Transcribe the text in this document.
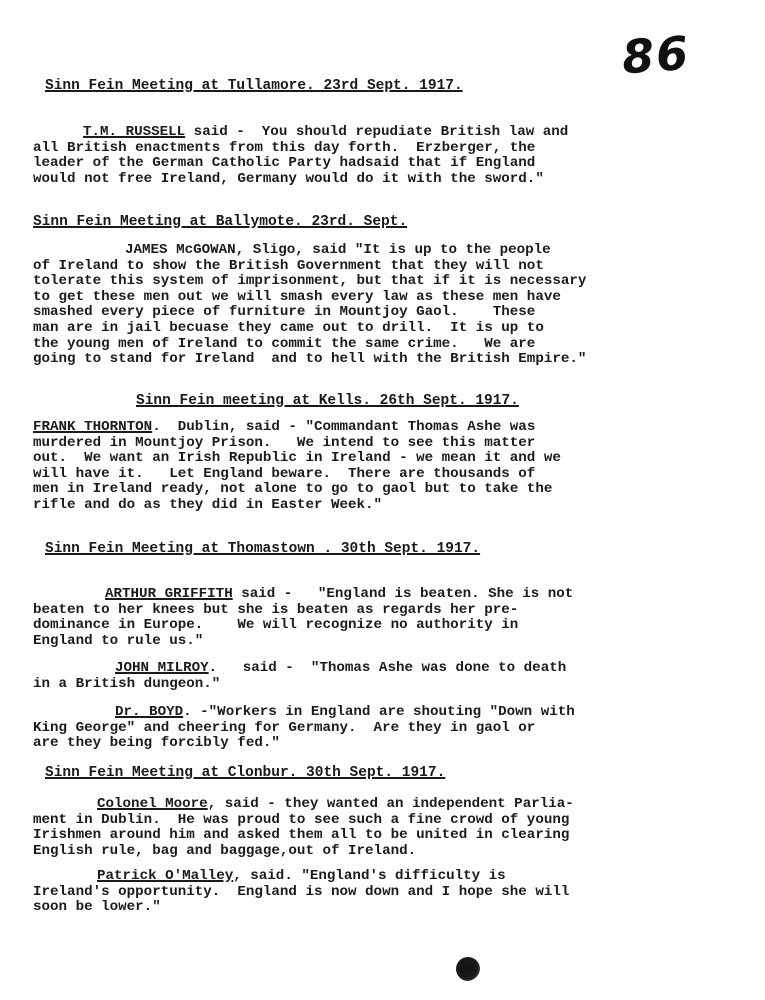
86
Sinn Fein Meeting at Tullamore. 23rd Sept. 1917.
T.M. RUSSELL said -  You should repudiate British law and
all British enactments from this day forth.  Erzberger, the
leader of the German Catholic Party hadsaid that if England
would not free Ireland, Germany would do it with the sword."
Sinn Fein Meeting at Ballymote. 23rd. Sept.
JAMES McGOWAN, Sligo, said "It is up to the people
of Ireland to show the British Government that they will not
tolerate this system of imprisonment, but that if it is necessary
to get these men out we will smash every law as these men have
smashed every piece of furniture in Mountjoy Gaol.    These
man are in jail becuase they came out to drill.  It is up to
the young men of Ireland to commit the same crime.   We are
going to stand for Ireland  and to hell with the British Empire."
Sinn Fein meeting at Kells. 26th Sept. 1917.
FRANK THORNTON.  Dublin, said - "Commandant Thomas Ashe was
murdered in Mountjoy Prison.   We intend to see this matter
out.  We want an Irish Republic in Ireland - we mean it and we
will have it.   Let England beware.  There are thousands of
men in Ireland ready, not alone to go to gaol but to take the
rifle and do as they did in Easter Week."
Sinn Fein Meeting at Thomastown . 30th Sept. 1917.
ARTHUR GRIFFITH said -   "England is beaten. She is not
beaten to her knees but she is beaten as regards her pre-
dominance in Europe.    We will recognize no authority in
England to rule us."
JOHN MILROY.   said -  "Thomas Ashe was done to death
in a British dungeon."
Dr. BOYD. -"Workers in England are shouting "Down with
King George" and cheering for Germany.  Are they in gaol or
are they being forcibly fed."
Sinn Fein Meeting at Clonbur. 30th Sept. 1917.
Colonel Moore, said - they wanted an independent Parlia-
ment in Dublin.  He was proud to see such a fine crowd of young
Irishmen around him and asked them all to be united in clearing
English rule, bag and baggage,out of Ireland.
Patrick O'Malley, said. "England's difficulty is
Ireland's opportunity.  England is now down and I hope she will
soon be lower."
